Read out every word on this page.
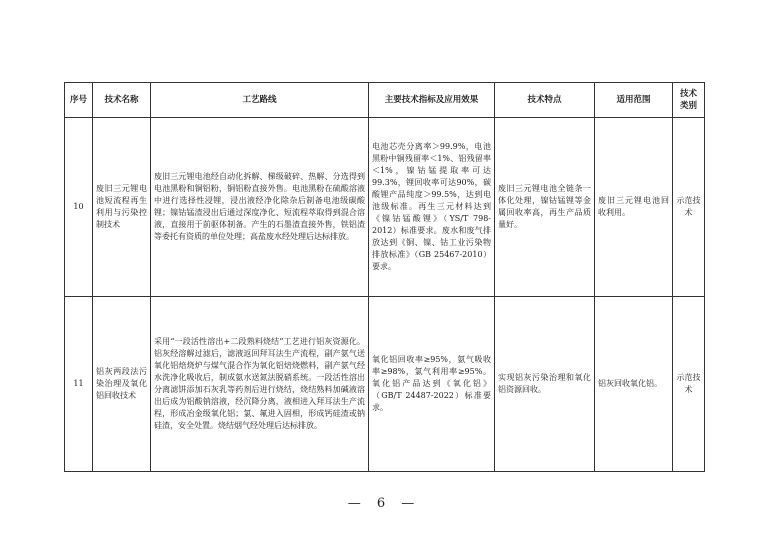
序号	技术名称	工艺路线	主要技术指标及应用效果	技术特点	适用范围	技术类别
10	废旧三元锂电池短流程再生利用与污染控制技术	废旧三元锂电池经自动化拆解、梯级破碎、热解、分选得到电池黑粉和铜铝粉，铜铝粉直接外售。电池黑粉在硫酸溶液中进行选择性浸锂，浸出液经净化除杂后制备电池级碳酸锂；镍钴锰渣浸出后通过深度净化、短流程萃取得到混合溶液，直接用于前驱体制备。产生的石墨渣直接外售，铁铝渣等委托有资质的单位处理；高盐废水经处理后达标排放。	电池芯壳分离率＞99.9%，电池黑粉中铜残留率＜1%、铝残留率＜1%，镍钴锰提取率可达99.3%，锂回收率可达90%，碳酸锂产品纯度＞99.5%，达到电池级标准。再生三元材料达到《镍钴锰酸锂》（YS/T 798-2012）标准要求。废水和废气排放达到《铜、镍、钴工业污染物排放标准》（GB 25467-2010）要求。	废旧三元锂电池全链条一体化处理，镍钴锰锂等金属回收率高，再生产品质量好。	废旧三元锂电池回收利用。	示范技术
11	铝灰两段法污染治理及氧化铝回收技术	采用“一段活性溶出+二段熟料烧结”工艺进行铝灰资源化。铝灰经溶解过滤后，滤液返回拜耳法生产流程，副产氨气送氧化铝焙烧炉与煤气混合作为氧化铝焙烧燃料，副产氨气经水洗净化吸收后，制成氨水送氮法脱硝系统。一段活性溶出分离滤饼添加石灰乳等药剂后进行烧结，烧结熟料加碱液溶出后成为铝酸钠溶液，经沉降分离，液相进入拜耳法生产流程，形成冶金级氧化铝；氯、氟进入固相，形成钙硅渣或钠硅渣，安全处置。烧结烟气经处理后达标排放。	氧化铝回收率≥95%，氨气吸收率≥98%，氯气利用率≥95%。氧化铝产品达到《氧化铝》（GB/T 24487-2022）标准要求。	实现铝灰污染治理和氧化铝资源回收。	铝灰回收氧化铝。	示范技术
— 6 —
